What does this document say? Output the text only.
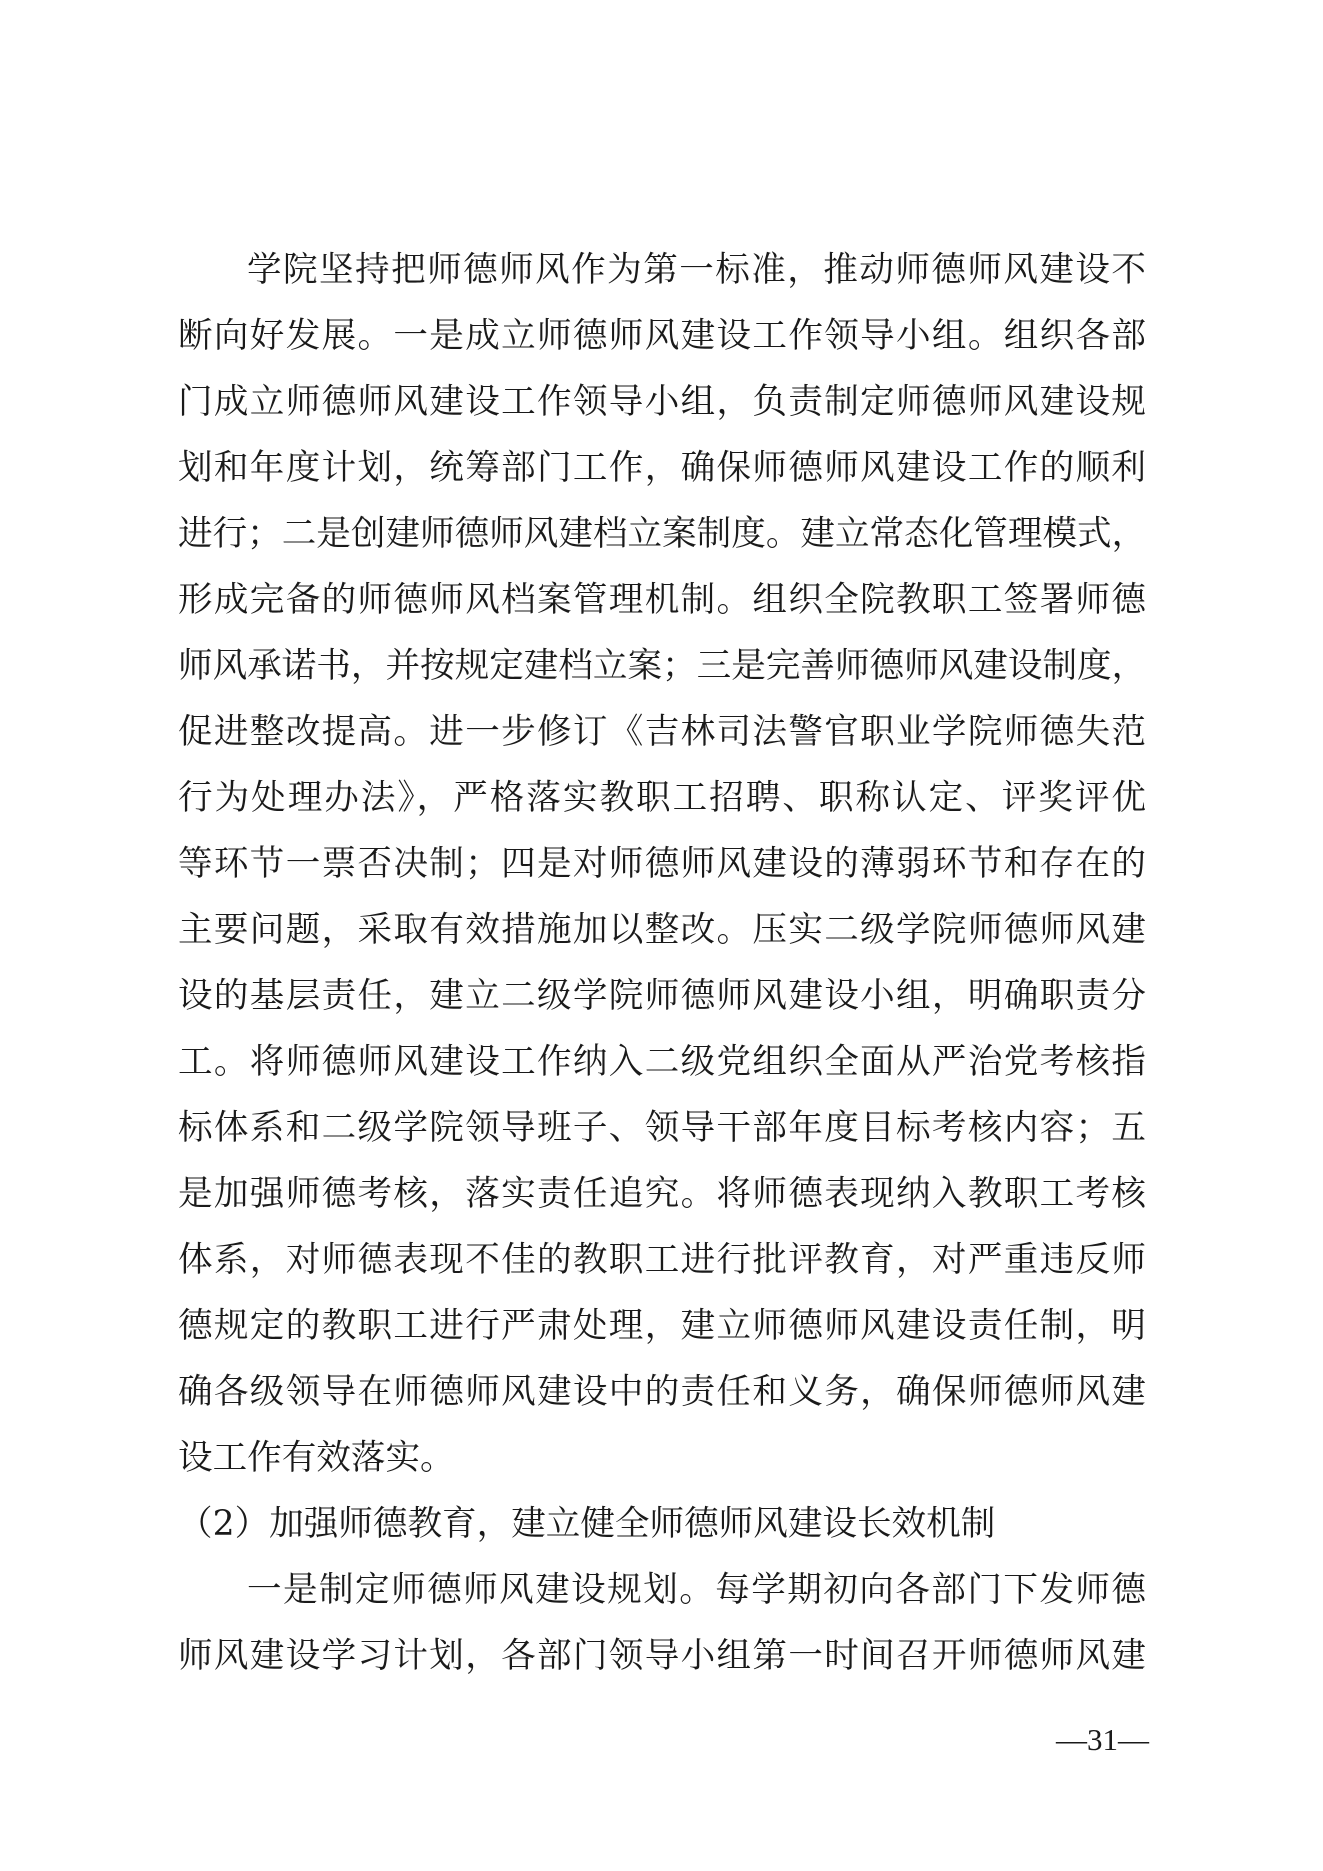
学院坚持把师德师风作为第一标准，推动师德师风建设不
断向好发展。一是成立师德师风建设工作领导小组。组织各部
门成立师德师风建设工作领导小组，负责制定师德师风建设规
划和年度计划，统筹部门工作，确保师德师风建设工作的顺利
进行；二是创建师德师风建档立案制度。建立常态化管理模式，
形成完备的师德师风档案管理机制。组织全院教职工签署师德
师风承诺书，并按规定建档立案；三是完善师德师风建设制度，
促进整改提高。进一步修订《吉林司法警官职业学院师德失范
行为处理办法》，严格落实教职工招聘、职称认定、评奖评优
等环节一票否决制；四是对师德师风建设的薄弱环节和存在的
主要问题，采取有效措施加以整改。压实二级学院师德师风建
设的基层责任，建立二级学院师德师风建设小组，明确职责分
工。将师德师风建设工作纳入二级党组织全面从严治党考核指
标体系和二级学院领导班子、领导干部年度目标考核内容；五
是加强师德考核，落实责任追究。将师德表现纳入教职工考核
体系，对师德表现不佳的教职工进行批评教育，对严重违反师
德规定的教职工进行严肃处理，建立师德师风建设责任制，明
确各级领导在师德师风建设中的责任和义务，确保师德师风建
设工作有效落实。
（2）加强师德教育，建立健全师德师风建设长效机制
一是制定师德师风建设规划。每学期初向各部门下发师德
师风建设学习计划，各部门领导小组第一时间召开师德师风建
—31—
